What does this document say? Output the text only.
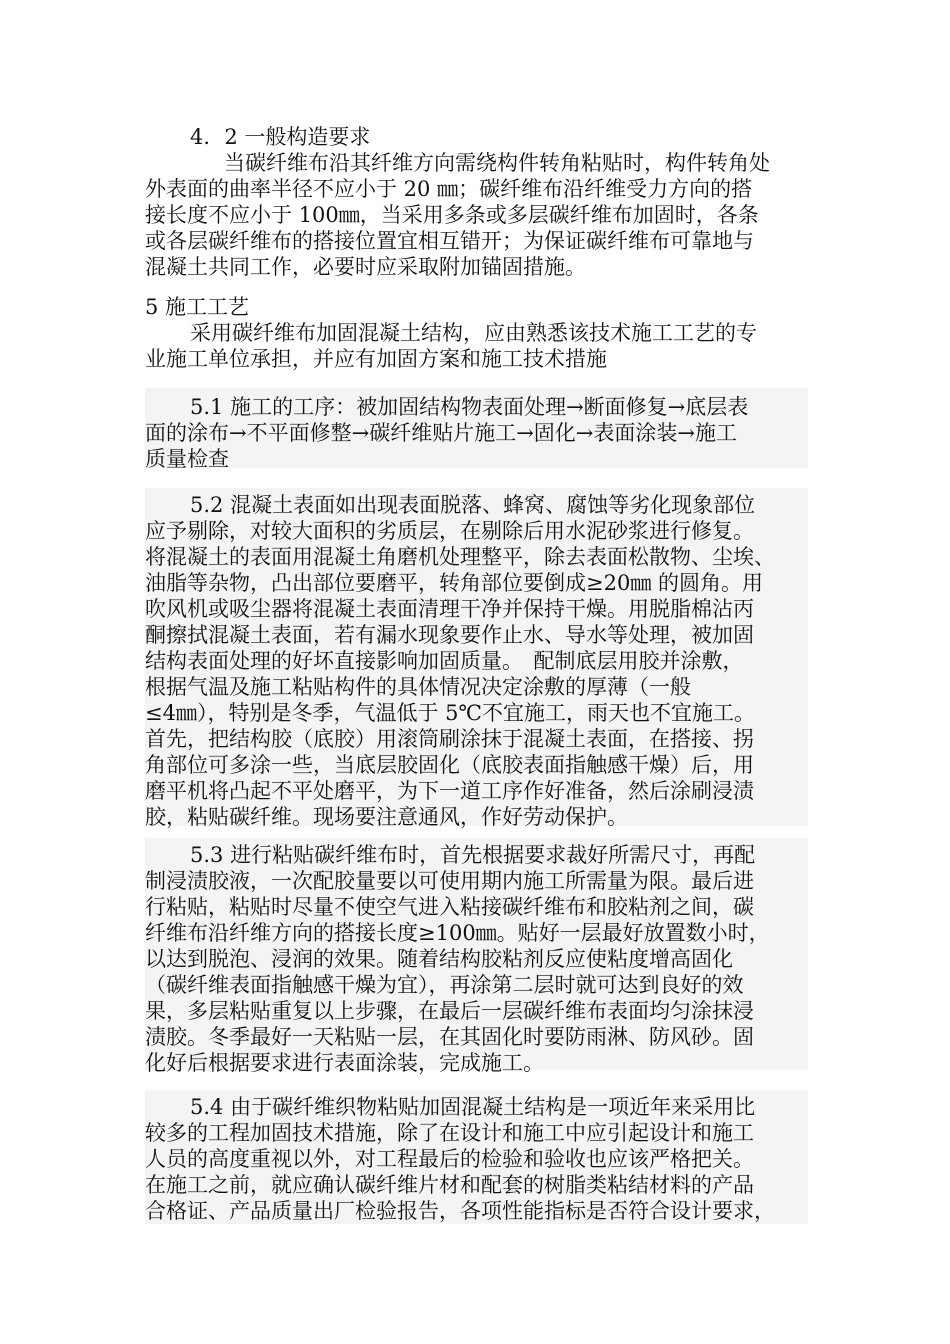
4．2 一般构造要求
当碳纤维布沿其纤维方向需绕构件转角粘贴时，构件转角处
外表面的曲率半径不应小于 20 ㎜；碳纤维布沿纤维受力方向的搭
接长度不应小于 100㎜，当采用多条或多层碳纤维布加固时，各条
或各层碳纤维布的搭接位置宜相互错开；为保证碳纤维布可靠地与
混凝土共同工作，必要时应采取附加锚固措施。
5 施工工艺
采用碳纤维布加固混凝土结构，应由熟悉该技术施工工艺的专
业施工单位承担，并应有加固方案和施工技术措施
5.1 施工的工序：被加固结构物表面处理→断面修复→底层表
面的涂布→不平面修整→碳纤维贴片施工→固化→表面涂装→施工
质量检查
5.2 混凝土表面如出现表面脱落、蜂窝、腐蚀等劣化现象部位
应予剔除，对较大面积的劣质层，在剔除后用水泥砂浆进行修复。
将混凝土的表面用混凝土角磨机处理整平，除去表面松散物、尘埃、
油脂等杂物，凸出部位要磨平，转角部位要倒成≥20㎜ 的圆角。用
吹风机或吸尘器将混凝土表面清理干净并保持干燥。用脱脂棉沾丙
酮擦拭混凝土表面，若有漏水现象要作止水、导水等处理，被加固
结构表面处理的好坏直接影响加固质量。　配制底层用胶并涂敷，
根据气温及施工粘贴构件的具体情况决定涂敷的厚薄（一般
≤4㎜），特别是冬季，气温低于 5℃不宜施工，雨天也不宜施工。
首先，把结构胶（底胶）用滚筒刷涂抹于混凝土表面，在搭接、拐
角部位可多涂一些，当底层胶固化（底胶表面指触感干燥）后，用
磨平机将凸起不平处磨平，为下一道工序作好准备，然后涂刷浸渍
胶，粘贴碳纤维。现场要注意通风，作好劳动保护。
5.3 进行粘贴碳纤维布时，首先根据要求裁好所需尺寸，再配
制浸渍胶液，一次配胶量要以可使用期内施工所需量为限。最后进
行粘贴，粘贴时尽量不使空气进入粘接碳纤维布和胶粘剂之间，碳
纤维布沿纤维方向的搭接长度≥100㎜。贴好一层最好放置数小时，
以达到脱泡、浸润的效果。随着结构胶粘剂反应使粘度增高固化
（碳纤维表面指触感干燥为宜），再涂第二层时就可达到良好的效
果，多层粘贴重复以上步骤，在最后一层碳纤维布表面均匀涂抹浸
渍胶。冬季最好一天粘贴一层，在其固化时要防雨淋、防风砂。固
化好后根据要求进行表面涂装，完成施工。
5.4 由于碳纤维织物粘贴加固混凝土结构是一项近年来采用比
较多的工程加固技术措施，除了在设计和施工中应引起设计和施工
人员的高度重视以外，对工程最后的检验和验收也应该严格把关。
在施工之前，就应确认碳纤维片材和配套的树脂类粘结材料的产品
合格证、产品质量出厂检验报告，各项性能指标是否符合设计要求，
